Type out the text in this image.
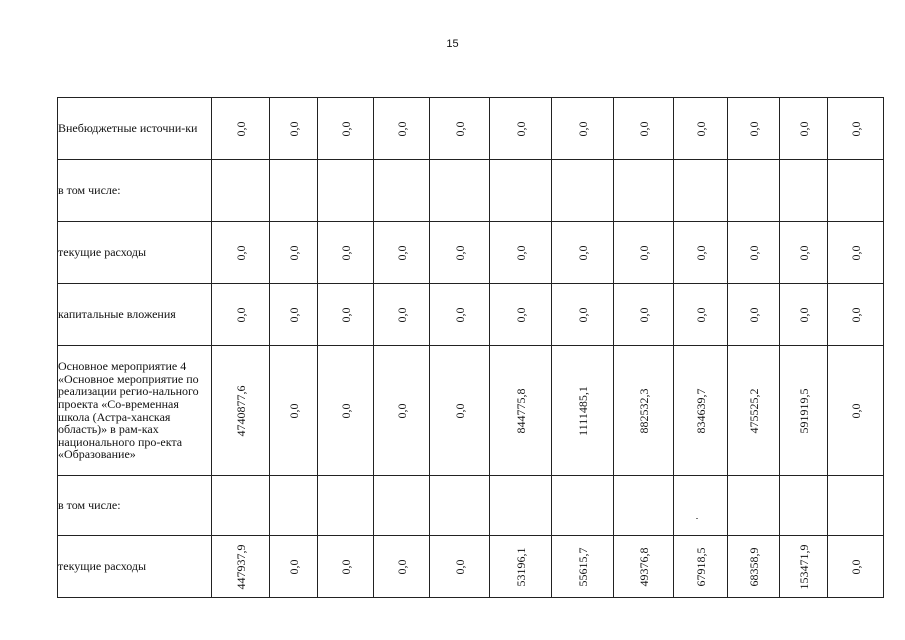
15
Внебюджетные источни-ки	0,0	0,0	0,0	0,0	0,0	0,0	0,0	0,0	0,0	0,0	0,0	0,0

в том числе:	

текущие расходы	0,0	0,0	0,0	0,0	0,0	0,0	0,0	0,0	0,0	0,0	0,0	0,0

капитальные вложения	0,0	0,0	0,0	0,0	0,0	0,0	0,0	0,0	0,0	0,0	0,0	0,0

Основное мероприятие 4 «Основное мероприятие по реализации регио-нального проекта «Со-временная школа (Астра-ханская область)» в рам-ках национального про-екта «Образование»	4740877,6	0,0	0,0	0,0	0,0	844775,8	1111485,1	882532,3	834639,7	475525,2	591919,5	0,0

в том числе:	

текущие расходы	447937,9	0,0	0,0	0,0	0,0	53196,1	55615,7	49376,8	67918,5	68358,9	153471,9	0,0
